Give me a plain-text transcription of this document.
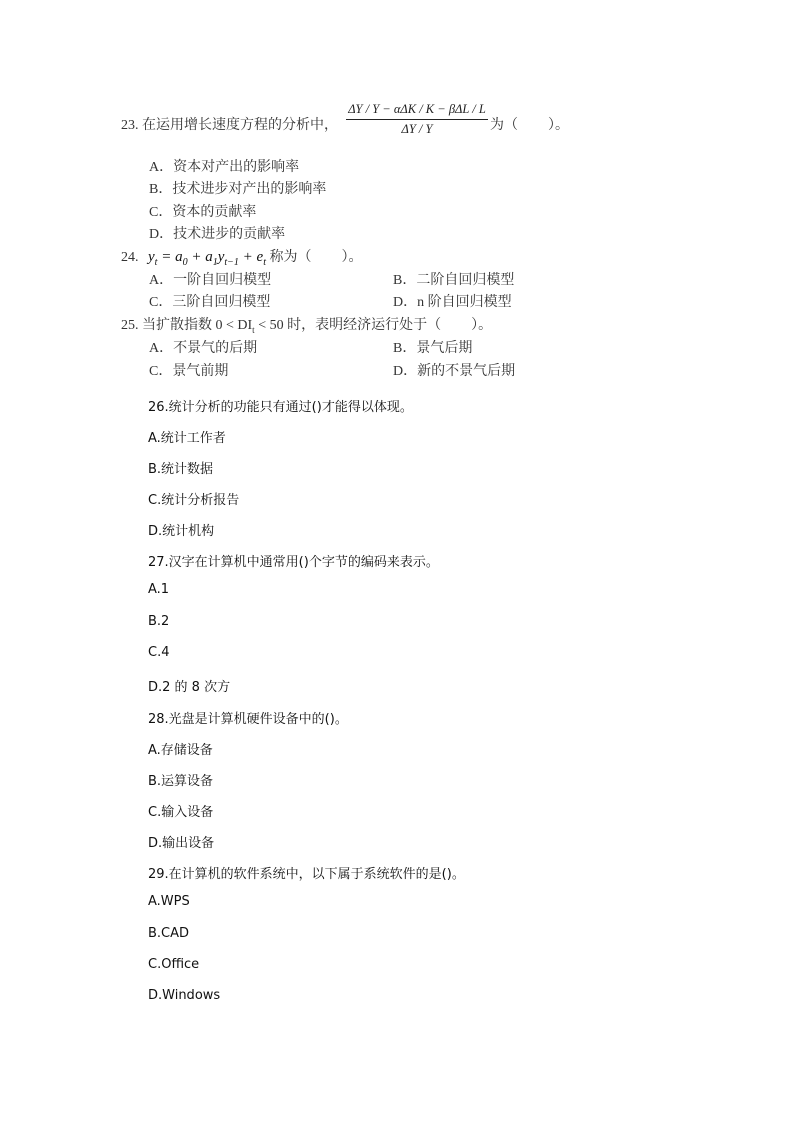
23. 在运用增长速度方程的分析中，
ΔY / Y − αΔK / K − βΔL / L
ΔY / Y	为（ ）。
A．资本对产出的影响率
B．技术进步对产出的影响率
C．资本的贡献率
D．技术进步的贡献率
24. $y_t = a_0 + a_1y_{t-1} + e_t$ 称为（ ）。
A．一阶自回归模型	B．二阶自回归模型
C．三阶自回归模型	D．n 阶自回归模型
25. 当扩散指数 $0 < DI_t < 50$ 时，表明经济运行处于（ ）。
A．不景气的后期	B．景气后期
C．景气前期	D．新的不景气后期
26.统计分析的功能只有通过()才能得以体现。
A.统计工作者
B.统计数据
C.统计分析报告
D.统计机构
27.汉字在计算机中通常用()个字节的编码来表示。
A.1
B.2
C.4
D.2 的 8 次方
28.光盘是计算机硬件设备中的()。
A.存储设备
B.运算设备
C.输入设备
D.输出设备
29.在计算机的软件系统中，以下属于系统软件的是()。
A.WPS
B.CAD
C.Office
D.Windows
